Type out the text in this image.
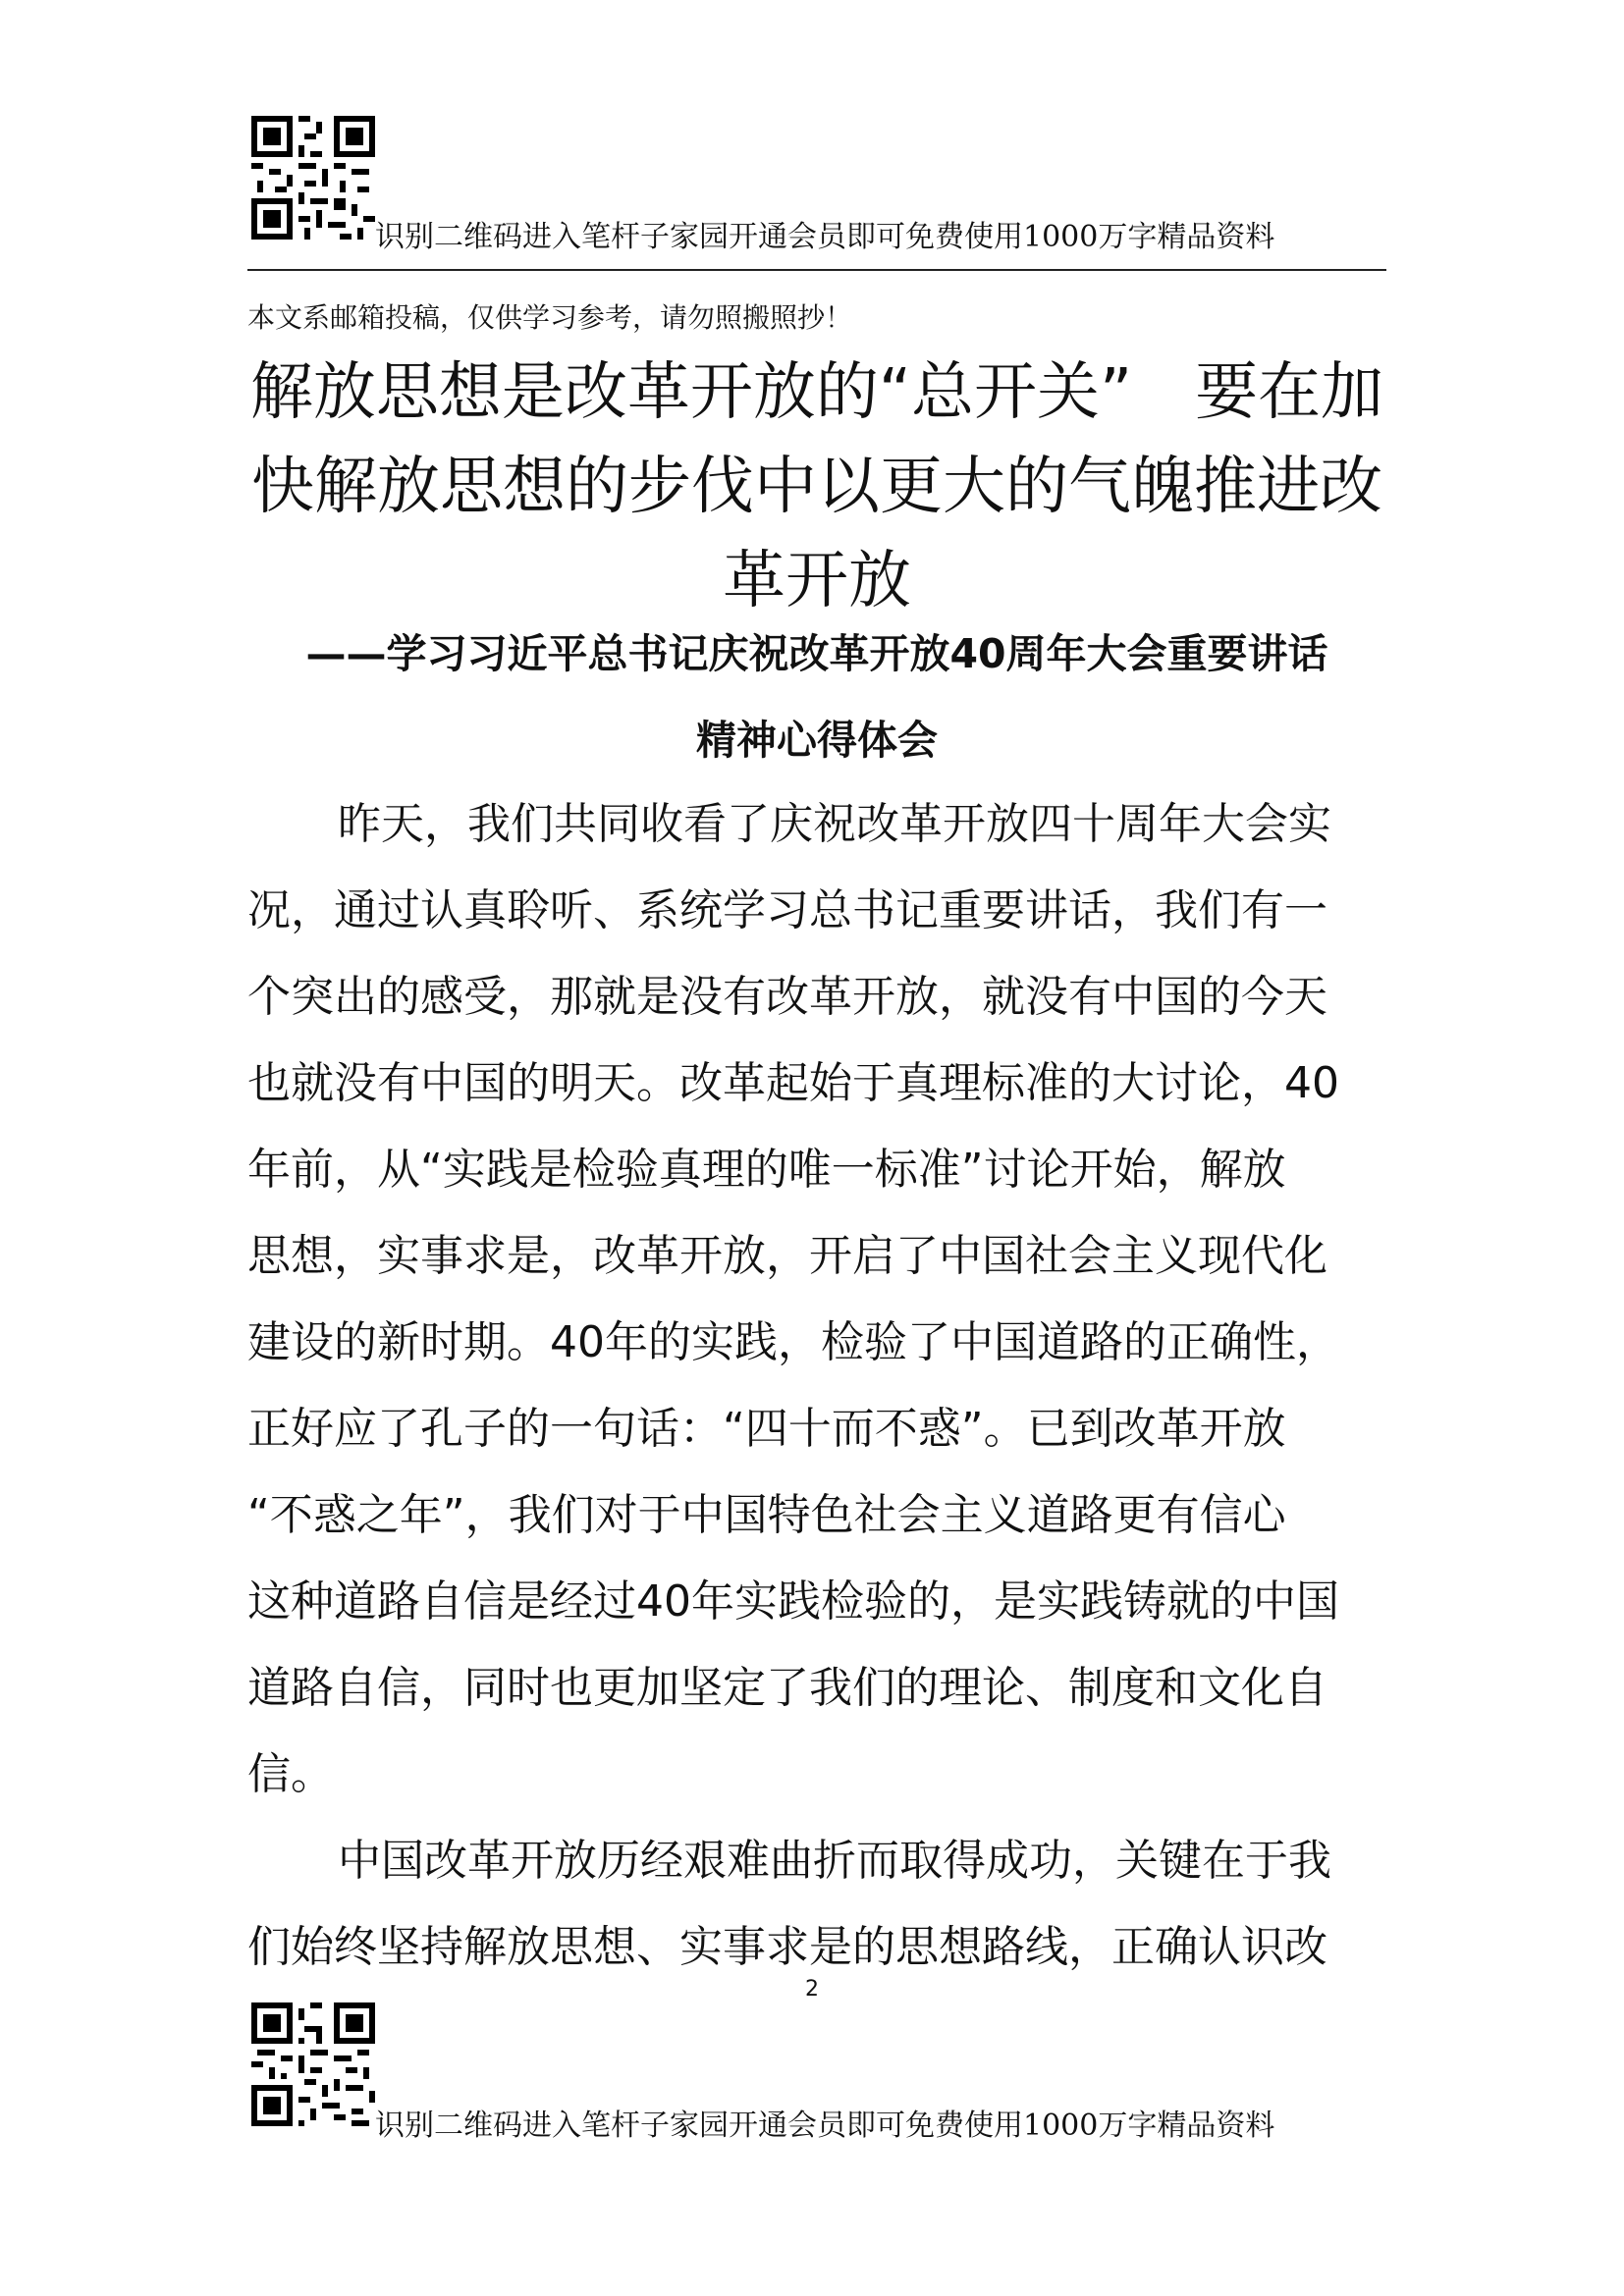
识别二维码进入笔杆子家园开通会员即可免费使用1000万字精品资料
本文系邮箱投稿，仅供学习参考，请勿照搬照抄！
解放思想是改革开放的“总开关”　要在加
快解放思想的步伐中以更大的气魄推进改
革开放
——学习习近平总书记庆祝改革开放40周年大会重要讲话
精神心得体会
昨天，我们共同收看了庆祝改革开放四十周年大会实
况，通过认真聆听、系统学习总书记重要讲话，我们有一
个突出的感受，那就是没有改革开放，就没有中国的今天
也就没有中国的明天。改革起始于真理标准的大讨论，40
年前，从“实践是检验真理的唯一标准”讨论开始，解放
思想，实事求是，改革开放，开启了中国社会主义现代化
建设的新时期。40年的实践，检验了中国道路的正确性，
正好应了孔子的一句话：“四十而不惑”。已到改革开放
“不惑之年”，我们对于中国特色社会主义道路更有信心
这种道路自信是经过40年实践检验的，是实践铸就的中国
道路自信，同时也更加坚定了我们的理论、制度和文化自
信。
中国改革开放历经艰难曲折而取得成功，关键在于我
们始终坚持解放思想、实事求是的思想路线，正确认识改
2
识别二维码进入笔杆子家园开通会员即可免费使用1000万字精品资料
